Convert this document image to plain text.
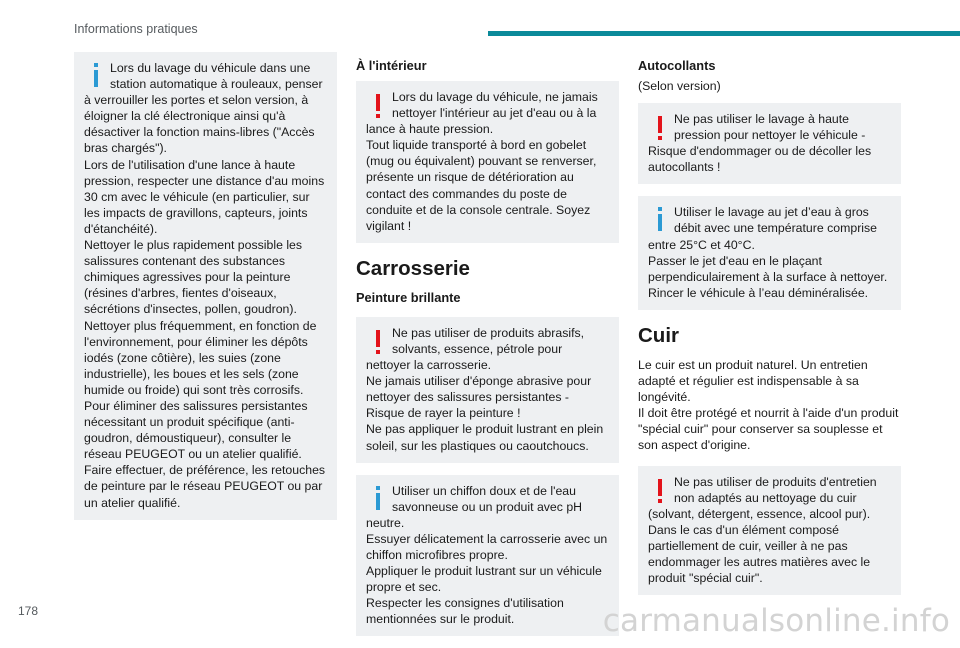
Informations pratiques

Lors du lavage du véhicule dans une station automatique à rouleaux, penser à verrouiller les portes et selon version, à éloigner la clé électronique ainsi qu'à désactiver la fonction mains-libres ("Accès bras chargés").
Lors de l'utilisation d'une lance à haute pression, respecter une distance d'au moins 30 cm avec le véhicule (en particulier, sur les impacts de gravillons, capteurs, joints d'étanchéité).
Nettoyer le plus rapidement possible les salissures contenant des substances chimiques agressives pour la peinture (résines d'arbres, fientes d'oiseaux, sécrétions d'insectes, pollen, goudron).
Nettoyer plus fréquemment, en fonction de l'environnement, pour éliminer les dépôts iodés (zone côtière), les suies (zone industrielle), les boues et les sels (zone humide ou froide) qui sont très corrosifs.
Pour éliminer des salissures persistantes nécessitant un produit spécifique (anti-goudron, démoustiqueur), consulter le réseau PEUGEOT ou un atelier qualifié.
Faire effectuer, de préférence, les retouches de peinture par le réseau PEUGEOT ou par un atelier qualifié.

À l'intérieur

Lors du lavage du véhicule, ne jamais nettoyer l'intérieur au jet d'eau ou à la lance à haute pression.
Tout liquide transporté à bord en gobelet (mug ou équivalent) pouvant se renverser, présente un risque de détérioration au contact des commandes du poste de conduite et de la console centrale. Soyez vigilant !

Carrosserie
Peinture brillante

Ne pas utiliser de produits abrasifs, solvants, essence, pétrole pour nettoyer la carrosserie.
Ne jamais utiliser d'éponge abrasive pour nettoyer des salissures persistantes - Risque de rayer la peinture !
Ne pas appliquer le produit lustrant en plein soleil, sur les plastiques ou caoutchoucs.

Utiliser un chiffon doux et de l'eau savonneuse ou un produit avec pH neutre.
Essuyer délicatement la carrosserie avec un chiffon microfibres propre.
Appliquer le produit lustrant sur un véhicule propre et sec.
Respecter les consignes d'utilisation mentionnées sur le produit.

Autocollants
(Selon version)

Ne pas utiliser le lavage à haute pression pour nettoyer le véhicule - Risque d'endommager ou de décoller les autocollants !

Utiliser le lavage au jet d’eau à gros débit avec une température comprise entre 25°C et 40°C.
Passer le jet d'eau en le plaçant perpendiculairement à la surface à nettoyer.
Rincer le véhicule à l’eau déminéralisée.

Cuir

Le cuir est un produit naturel. Un entretien adapté et régulier est indispensable à sa longévité.
Il doit être protégé et nourrit à l'aide d'un produit "spécial cuir" pour conserver sa souplesse et son aspect d'origine.

Ne pas utiliser de produits d'entretien non adaptés au nettoyage du cuir (solvant, détergent, essence, alcool pur).
Dans le cas d'un élément composé partiellement de cuir, veiller à ne pas endommager les autres matières avec le produit "spécial cuir".

178	carmanualsonline.info
